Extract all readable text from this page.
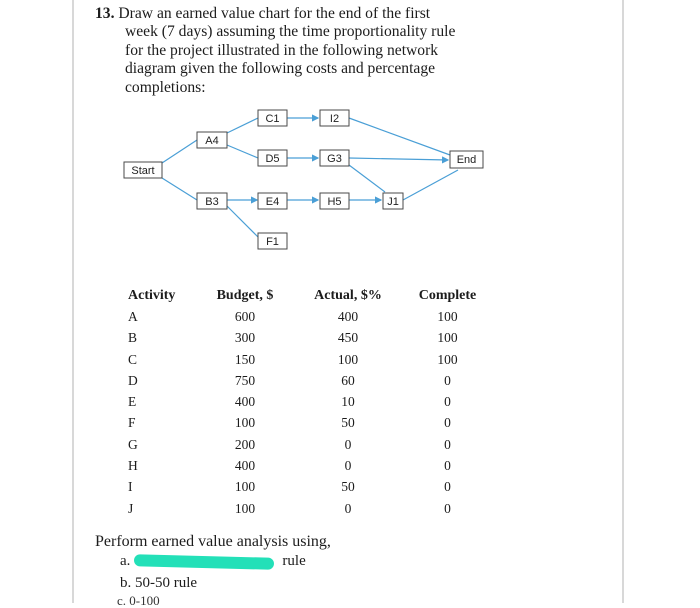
13. Draw an earned value chart for the end of the first
week (7 days) assuming the time proportionality rule
for the project illustrated in the following network
diagram given the following costs and percentage
completions:
Start
A4
B3
C1
D5
E4
F1
I2
G3
H5	J1
End
Activity
A
B
C
D
E
F
G
H
I
J
Budget, $
600
300
150
750
400
100
200
400
100
100
Actual, $%
400
450
100
60
10
50
0
0
50
0
Complete
100
100
100
0
0
0
0
0
0
0
Perform earned value analysis using,
a.	rule
b. 50-50 rule
c. 0-100
